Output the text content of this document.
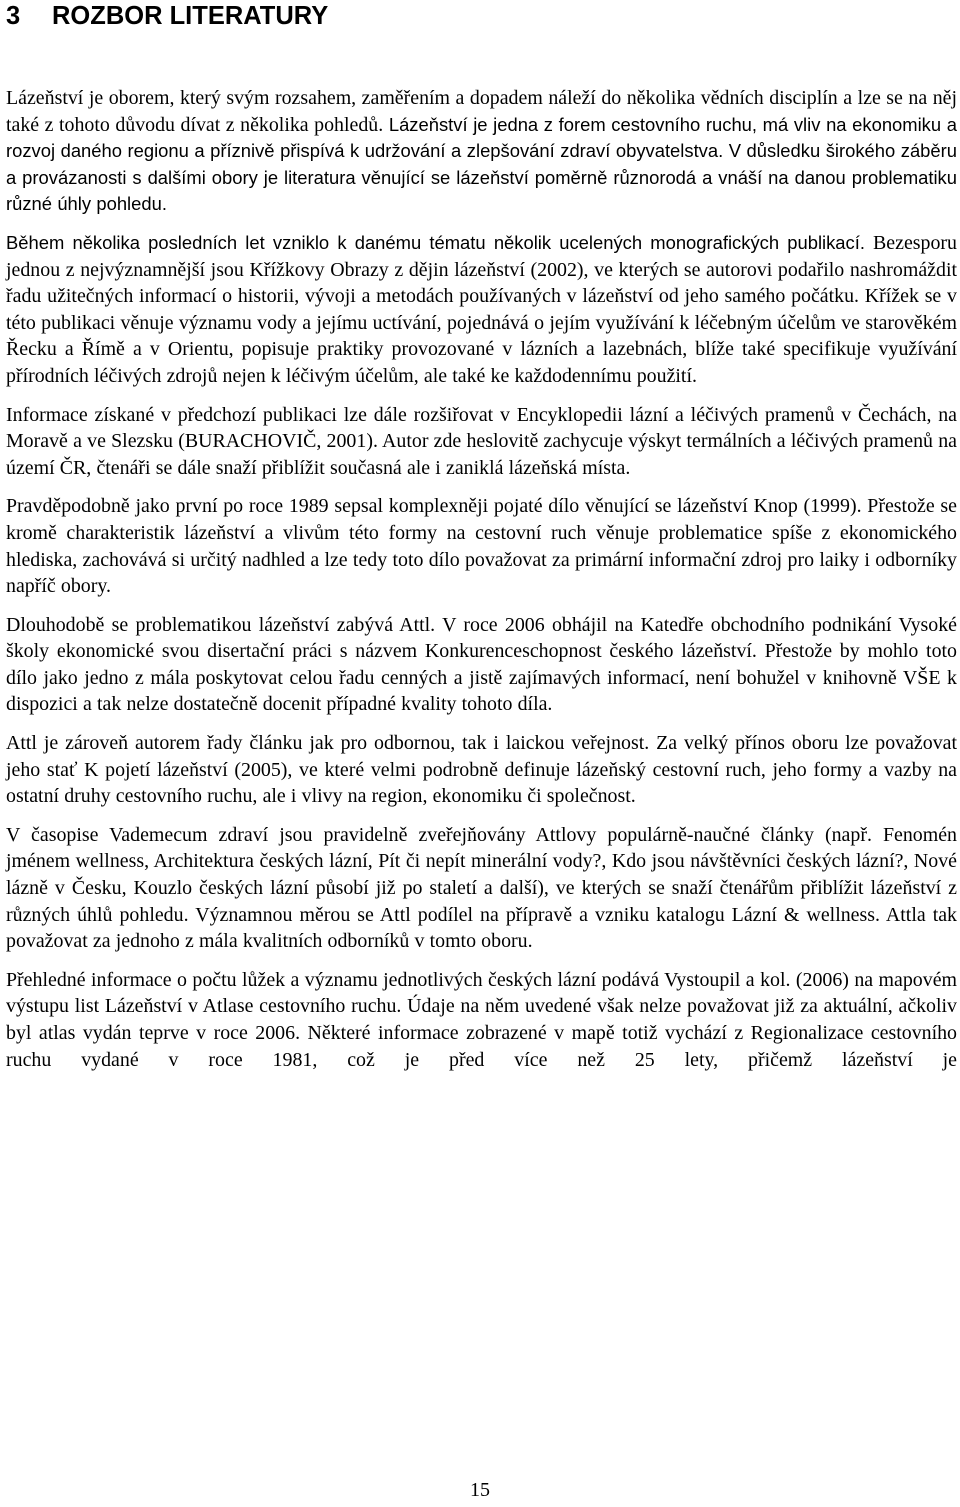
3 ROZBOR LITERATURY

Lázeňství je oborem, který svým rozsahem, zaměřením a dopadem náleží do několika vědních disciplín a lze se na něj také z tohoto důvodu dívat z několika pohledů. Lázeňství je jedna z forem cestovního ruchu, má vliv na ekonomiku a rozvoj daného regionu a příznivě přispívá k udržování a zlepšování zdraví obyvatelstva. V důsledku širokého záběru a provázanosti s dalšími obory je literatura věnující se lázeňství poměrně různorodá a vnáší na danou problematiku různé úhly pohledu.

Během několika posledních let vzniklo k danému tématu několik ucelených monografických publikací. Bezesporu jednou z nejvýznamnější jsou Křížkovy Obrazy z dějin lázeňství (2002), ve kterých se autorovi podařilo nashromáždit řadu užitečných informací o historii, vývoji a metodách používaných v lázeňství od jeho samého počátku. Křížek se v této publikaci věnuje významu vody a jejímu uctívání, pojednává o jejím využívání k léčebným účelům ve starověkém Řecku a Římě a v Orientu, popisuje praktiky provozované v lázních a lazebnách, blíže také specifikuje využívání přírodních léčivých zdrojů nejen k léčivým účelům, ale také ke každodennímu použití.

Informace získané v předchozí publikaci lze dále rozšiřovat v Encyklopedii lázní a léčivých pramenů v Čechách, na Moravě a ve Slezsku (BURACHOVIČ, 2001). Autor zde heslovitě zachycuje výskyt termálních a léčivých pramenů na území ČR, čtenáři se dále snaží přiblížit současná ale i zaniklá lázeňská místa.

Pravděpodobně jako první po roce 1989 sepsal komplexněji pojaté dílo věnující se lázeňství Knop (1999). Přestože se kromě charakteristik lázeňství a vlivům této formy na cestovní ruch věnuje problematice spíše z ekonomického hlediska, zachovává si určitý nadhled a lze tedy toto dílo považovat za primární informační zdroj pro laiky i odborníky napříč obory.

Dlouhodobě se problematikou lázeňství zabývá Attl. V roce 2006 obhájil na Katedře obchodního podnikání Vysoké školy ekonomické svou disertační práci s názvem Konkurenceschopnost českého lázeňství. Přestože by mohlo toto dílo jako jedno z mála poskytovat celou řadu cenných a jistě zajímavých informací, není bohužel v knihovně VŠE k dispozici a tak nelze dostatečně docenit případné kvality tohoto díla.

Attl je zároveň autorem řady článku jak pro odbornou, tak i laickou veřejnost. Za velký přínos oboru lze považovat jeho stať K pojetí lázeňství (2005), ve které velmi podrobně definuje lázeňský cestovní ruch, jeho formy a vazby na ostatní druhy cestovního ruchu, ale i vlivy na region, ekonomiku či společnost.

V časopise Vademecum zdraví jsou pravidelně zveřejňovány Attlovy populárně-naučné články (např. Fenomén jménem wellness, Architektura českých lázní, Pít či nepít minerální vody?, Kdo jsou návštěvníci českých lázní?, Nové lázně v Česku, Kouzlo českých lázní působí již po staletí a další), ve kterých se snaží čtenářům přiblížit lázeňství z různých úhlů pohledu. Významnou měrou se Attl podílel na přípravě a vzniku katalogu Lázní & wellness. Attla tak považovat za jednoho z mála kvalitních odborníků v tomto oboru.

Přehledné informace o počtu lůžek a významu jednotlivých českých lázní podává Vystoupil a kol. (2006) na mapovém výstupu list Lázeňství v Atlase cestovního ruchu. Údaje na něm uvedené však nelze považovat již za aktuální, ačkoliv byl atlas vydán teprve v roce 2006. Některé informace zobrazené v mapě totiž vychází z Regionalizace cestovního ruchu vydané v roce 1981, což je před více než 25 lety, přičemž lázeňství je

15
